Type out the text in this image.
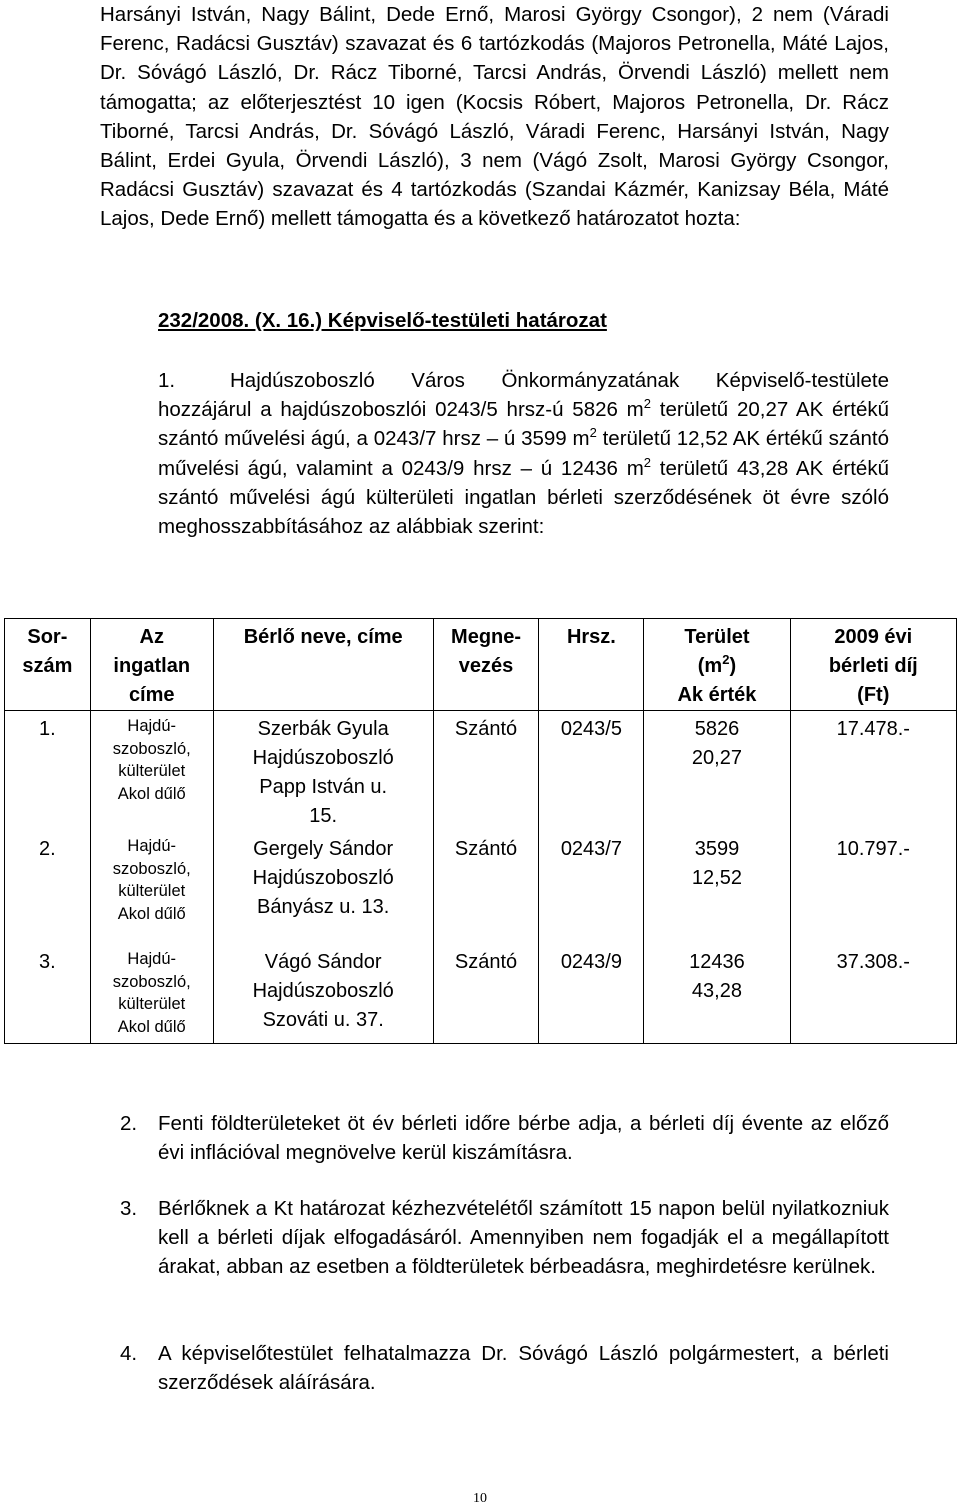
Harsányi István, Nagy Bálint, Dede Ernő, Marosi György Csongor), 2 nem (Váradi Ferenc, Radácsi Gusztáv) szavazat és 6 tartózkodás (Majoros Petronella, Máté Lajos, Dr. Sóvágó László, Dr. Rácz Tiborné, Tarcsi András, Örvendi László) mellett nem támogatta; az előterjesztést 10 igen (Kocsis Róbert, Majoros Petronella, Dr. Rácz Tiborné, Tarcsi András, Dr. Sóvágó László, Váradi Ferenc, Harsányi István, Nagy Bálint, Erdei Gyula, Örvendi László), 3 nem (Vágó Zsolt, Marosi György Csongor, Radácsi Gusztáv) szavazat és 4 tartózkodás (Szandai Kázmér, Kanizsay Béla, Máté Lajos, Dede Ernő) mellett támogatta és a következő határozatot hozta:
232/2008. (X. 16.) Képviselő-testületi határozat
1.	Hajdúszoboszló Város Önkormányzatának Képviselő-testülete hozzájárul a hajdúszoboszlói 0243/5 hrsz-ú 5826 $m^2$ területű 20,27 AK értékű szántó művelési ágú, a 0243/7 hrsz – ú 3599 $m^2$ területű 12,52 AK értékű szántó művelési ágú, valamint a 0243/9 hrsz – ú 12436 $m^2$ területű 43,28 AK értékű szántó művelési ágú külterületi ingatlan bérleti szerződésének öt évre szóló meghosszabbításához az alábbiak szerint:
Sor-
szám	Az
ingatlan
címe	Bérlő neve, címe	Megne-
vezés	Hrsz.	Terület
$(m^2)$
Ak érték	2009 évi
bérleti díj
(Ft)
1.	Hajdú-
szoboszló,
külterület
Akol dűlő	Szerbák Gyula
Hajdúszoboszló
Papp István u.
15.	Szántó	0243/5	5826
20,27	17.478.-
2.	Hajdú-
szoboszló,
külterület
Akol dűlő	Gergely Sándor
Hajdúszoboszló
Bányász u. 13.	Szántó	0243/7	3599
12,52	10.797.-
3.	Hajdú-
szoboszló,
külterület
Akol dűlő	Vágó Sándor
Hajdúszoboszló
Szováti u. 37.	Szántó	0243/9	12436
43,28	37.308.-
2. Fenti földterületeket öt év bérleti időre bérbe adja, a bérleti díj évente az előző évi inflációval megnövelve kerül kiszámításra.
3. Bérlőknek a Kt határozat kézhezvételétől számított 15 napon belül nyilatkozniuk kell a bérleti díjak elfogadásáról. Amennyiben nem fogadják el a megállapított árakat, abban az esetben a földterületek bérbeadásra, meghirdetésre kerülnek.
4. A képviselőtestület felhatalmazza Dr. Sóvágó László polgármestert, a bérleti szerződések aláírására.
10
